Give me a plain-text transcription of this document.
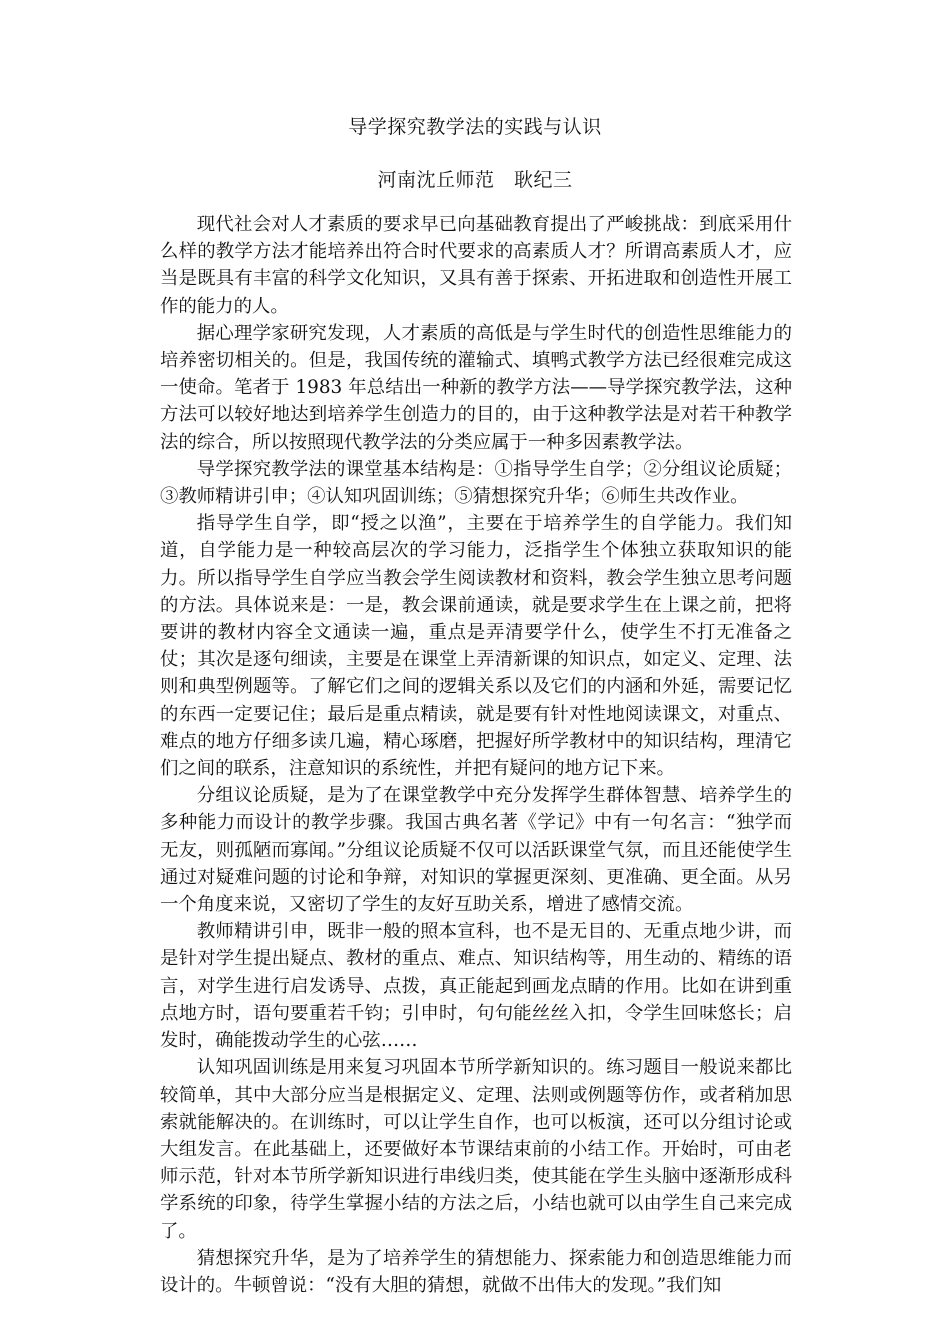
导学探究教学法的实践与认识
河南沈丘师范　耿纪三

现代社会对人才素质的要求早已向基础教育提出了严峻挑战：到底采用什么样的教学方法才能培养出符合时代要求的高素质人才？所谓高素质人才，应当是既具有丰富的科学文化知识，又具有善于探索、开拓进取和创造性开展工作的能力的人。

据心理学家研究发现，人才素质的高低是与学生时代的创造性思维能力的培养密切相关的。但是，我国传统的灌输式、填鸭式教学方法已经很难完成这一使命。笔者于 1983 年总结出一种新的教学方法——导学探究教学法，这种方法可以较好地达到培养学生创造力的目的，由于这种教学法是对若干种教学法的综合，所以按照现代教学法的分类应属于一种多因素教学法。

导学探究教学法的课堂基本结构是：①指导学生自学；②分组议论质疑；③教师精讲引申；④认知巩固训练；⑤猜想探究升华；⑥师生共改作业。

指导学生自学，即“授之以渔”，主要在于培养学生的自学能力。我们知道，自学能力是一种较高层次的学习能力，泛指学生个体独立获取知识的能力。所以指导学生自学应当教会学生阅读教材和资料，教会学生独立思考问题的方法。具体说来是：一是，教会课前通读，就是要求学生在上课之前，把将要讲的教材内容全文通读一遍，重点是弄清要学什么，使学生不打无准备之仗；其次是逐句细读，主要是在课堂上弄清新课的知识点，如定义、定理、法则和典型例题等。了解它们之间的逻辑关系以及它们的内涵和外延，需要记忆的东西一定要记住；最后是重点精读，就是要有针对性地阅读课文，对重点、难点的地方仔细多读几遍，精心琢磨，把握好所学教材中的知识结构，理清它们之间的联系，注意知识的系统性，并把有疑问的地方记下来。

分组议论质疑，是为了在课堂教学中充分发挥学生群体智慧、培养学生的多种能力而设计的教学步骤。我国古典名著《学记》中有一句名言：“独学而无友，则孤陋而寡闻。”分组议论质疑不仅可以活跃课堂气氛，而且还能使学生通过对疑难问题的讨论和争辩，对知识的掌握更深刻、更准确、更全面。从另一个角度来说，又密切了学生的友好互助关系，增进了感情交流。

教师精讲引申，既非一般的照本宣科，也不是无目的、无重点地少讲，而是针对学生提出疑点、教材的重点、难点、知识结构等，用生动的、精练的语言，对学生进行启发诱导、点拨，真正能起到画龙点睛的作用。比如在讲到重点地方时，语句要重若千钧；引申时，句句能丝丝入扣，令学生回味悠长；启发时，确能拨动学生的心弦……

认知巩固训练是用来复习巩固本节所学新知识的。练习题目一般说来都比较简单，其中大部分应当是根据定义、定理、法则或例题等仿作，或者稍加思索就能解决的。在训练时，可以让学生自作，也可以板演，还可以分组讨论或大组发言。在此基础上，还要做好本节课结束前的小结工作。开始时，可由老师示范，针对本节所学新知识进行串线归类，使其能在学生头脑中逐渐形成科学系统的印象，待学生掌握小结的方法之后，小结也就可以由学生自己来完成了。

猜想探究升华，是为了培养学生的猜想能力、探索能力和创造思维能力而设计的。牛顿曾说：“没有大胆的猜想，就做不出伟大的发现。”我们知
